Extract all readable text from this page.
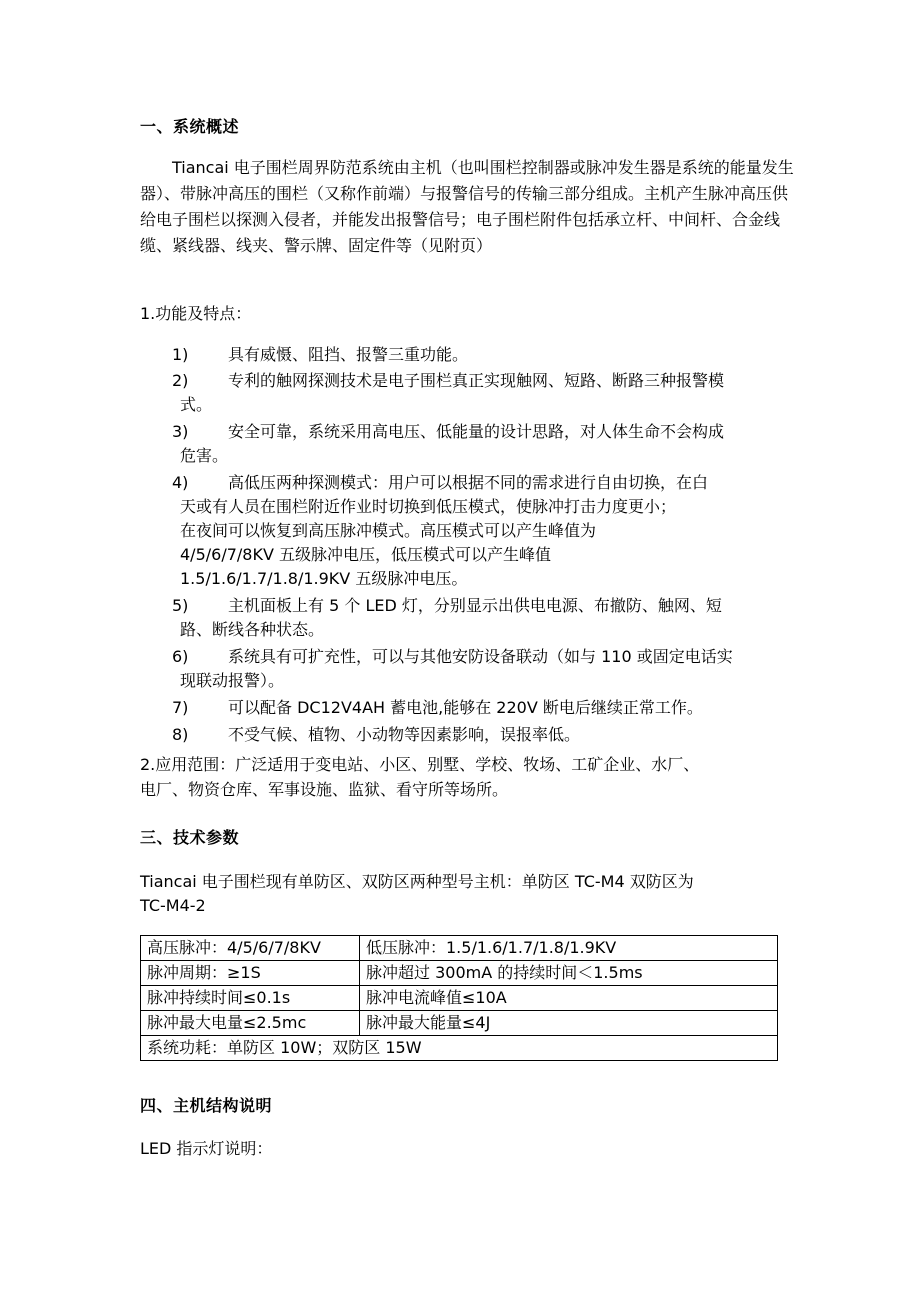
一、系统概述
Tiancai 电子围栏周界防范系统由主机（也叫围栏控制器或脉冲发生器是系统的能量发生器）、带脉冲高压的围栏（又称作前端）与报警信号的传输三部分组成。主机产生脉冲高压供给电子围栏以探测入侵者，并能发出报警信号；电子围栏附件包括承立杆、中间杆、合金线缆、紧线器、线夹、警示牌、固定件等（见附页）
1.功能及特点：
1)	具有威慑、阻挡、报警三重功能。
2)	专利的触网探测技术是电子围栏真正实现触网、短路、断路三种报警模
式。
3)	安全可靠，系统采用高电压、低能量的设计思路，对人体生命不会构成
危害。
4)	高低压两种探测模式：用户可以根据不同的需求进行自由切换，在白
天或有人员在围栏附近作业时切换到低压模式，使脉冲打击力度更小；
在夜间可以恢复到高压脉冲模式。高压模式可以产生峰值为
4/5/6/7/8KV 五级脉冲电压，低压模式可以产生峰值
1.5/1.6/1.7/1.8/1.9KV 五级脉冲电压。
5)	主机面板上有 5 个 LED 灯，分别显示出供电电源、布撤防、触网、短
路、断线各种状态。
6)	系统具有可扩充性，可以与其他安防设备联动（如与 110 或固定电话实
现联动报警）。
7)	可以配备 DC12V4AH 蓄电池,能够在 220V 断电后继续正常工作。
8)	不受气候、植物、小动物等因素影响，误报率低。
2.应用范围：广泛适用于变电站、小区、别墅、学校、牧场、工矿企业、水厂、
电厂、物资仓库、军事设施、监狱、看守所等场所。
三、技术参数
Tiancai 电子围栏现有单防区、双防区两种型号主机：单防区 TC-M4 双防区为
TC-M4-2
高压脉冲：4/5/6/7/8KV	低压脉冲：1.5/1.6/1.7/1.8/1.9KV
脉冲周期：≥1S	脉冲超过 300mA 的持续时间＜1.5ms
脉冲持续时间≤0.1s	脉冲电流峰值≤10A
脉冲最大电量≤2.5mc	脉冲最大能量≤4J
系统功耗：单防区 10W；双防区 15W	
四、主机结构说明
LED 指示灯说明：
